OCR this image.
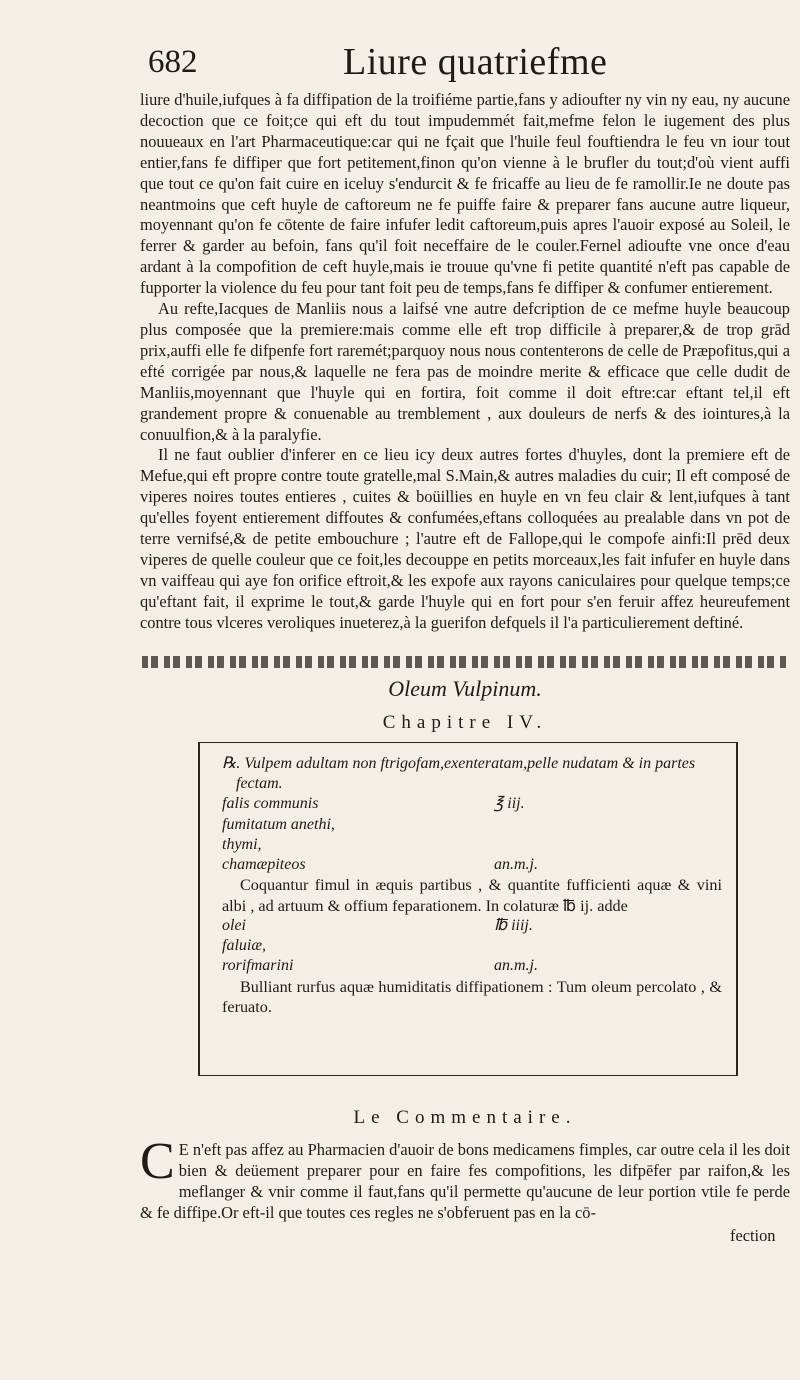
682	Liure quatriefme

liure d'huile,iufques à fa diffipation de la troifiéme partie,fans y adioufter ny vin ny eau, ny aucune decoction que ce foit;ce qui eft du tout impudemmét fait,mefme felon le iugement des plus nouueaux en l'art Pharmaceutique:car qui ne fçait que l'huile feul fouftiendra le feu vn iour tout entier,fans fe diffiper que fort petitement,finon qu'on vienne à le brufler du tout;d'où vient auffi que tout ce qu'on fait cuire en iceluy s'endurcit & fe fricaffe au lieu de fe ramollir.Ie ne doute pas neantmoins que ceft huyle de caftoreum ne fe puiffe faire & preparer fans aucune autre liqueur, moyennant qu'on fe cōtente de faire infufer ledit caftoreum,puis apres l'auoir exposé au Soleil, le ferrer & garder au befoin, fans qu'il foit neceffaire de le couler.Fernel adioufte vne once d'eau ardant à la compofition de ceft huyle,mais ie trouue qu'vne fi petite quantité n'eft pas capable de fupporter la violence du feu pour tant foit peu de temps,fans fe diffiper & confumer entierement.

Au refte,Iacques de Manliis nous a laifsé vne autre defcription de ce mefme huyle beaucoup plus composée que la premiere:mais comme elle eft trop difficile à preparer,& de trop grād prix,auffi elle fe difpenfe fort raremét;parquoy nous nous contenterons de celle de Præpofitus,qui a efté corrigée par nous,& laquelle ne fera pas de moindre merite & efficace que celle dudit de Manliis,moyennant que l'huyle qui en fortira, foit comme il doit eftre:car eftant tel,il eft grandement propre & conuenable au tremblement , aux douleurs de nerfs & des iointures,à la conuulfion,& à la paralyfie.

Il ne faut oublier d'inferer en ce lieu icy deux autres fortes d'huyles, dont la premiere eft de Mefue,qui eft propre contre toute gratelle,mal S.Main,& autres maladies du cuir; Il eft composé de viperes noires toutes entieres , cuites & boüillies en huyle en vn feu clair & lent,iufques à tant qu'elles foyent entierement diffoutes & confumées,eftans colloquées au prealable dans vn pot de terre vernifsé,& de petite embouchure ; l'autre eft de Fallope,qui le compofe ainfi:Il prēd deux viperes de quelle couleur que ce foit,les decouppe en petits morceaux,les fait infufer en huyle dans vn vaiffeau qui aye fon orifice eftroit,& les expofe aux rayons caniculaires pour quelque temps;ce qu'eftant fait, il exprime le tout,& garde l'huyle qui en fort pour s'en feruir affez heureufement contre tous vlceres veroliques inueterez,à la guerifon defquels il l'a particulierement deftiné.

Oleum Vulpinum.
Chapitre IV.
℞. Vulpem adultam non ftrigofam,exenteratam,pelle nudatam & in partes
fectam.
falis communis	℥ iij.
fumitatum anethi,
thymi,
chamæpiteos	an.m.j.
Coquantur fimul in æquis partibus , & quantite fufficienti aquæ & vini albi , ad artuum & offium feparationem. In colaturæ ℔ ij. adde
olei	℔ iiij.
faluiæ,
rorifmarini	an.m.j.
Bulliant rurfus aquæ humiditatis diffipationem : Tum oleum percolato , & feruato.
Le Commentaire.

C E n'eft pas affez au Pharmacien d'auoir de bons medicamens fimples, car outre cela il les doit bien & deüement preparer pour en faire fes compofitions, les difpēfer par raifon,& les meflanger & vnir comme il faut,fans qu'il permette qu'aucune de leur portion vtile fe perde & fe diffipe.Or eft-il que toutes ces regles ne s'obferuent pas en la cō-

fection
